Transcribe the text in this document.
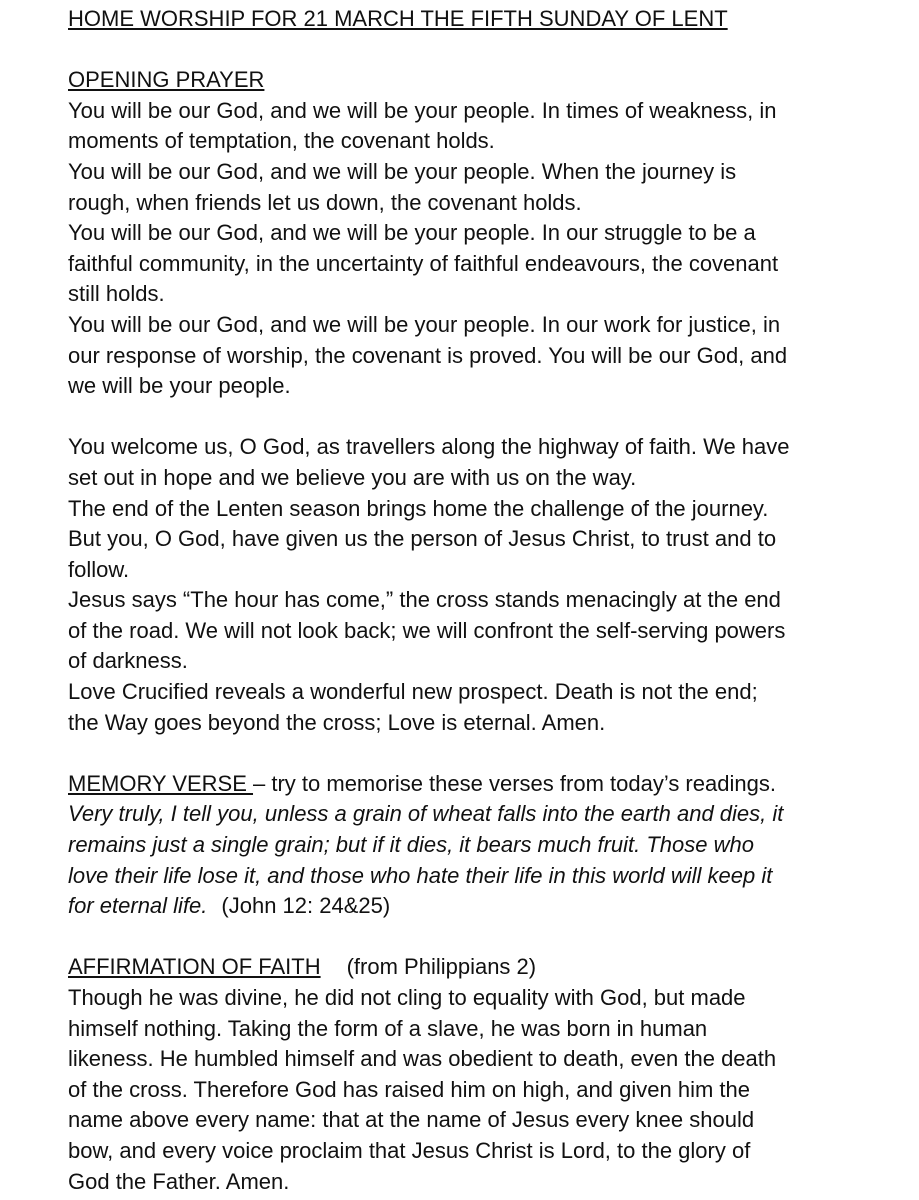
HOME WORSHIP FOR 21 MARCH THE FIFTH SUNDAY OF LENT
OPENING PRAYER
You will be our God, and we will be your people. In times of weakness, in
moments of temptation, the covenant holds.
You will be our God, and we will be your people. When the journey is
rough, when friends let us down, the covenant holds.
You will be our God, and we will be your people. In our struggle to be a
faithful community, in the uncertainty of faithful endeavours, the covenant
still holds.
You will be our God, and we will be your people. In our work for justice, in
our response of worship, the covenant is proved. You will be our God, and
we will be your people.
You welcome us, O God, as travellers along the highway of faith. We have
set out in hope and we believe you are with us on the way.
The end of the Lenten season brings home the challenge of the journey.
But you, O God, have given us the person of Jesus Christ, to trust and to
follow.
Jesus says “The hour has come,” the cross stands menacingly at the end
of the road. We will not look back; we will confront the self-serving powers
of darkness.
Love Crucified reveals a wonderful new prospect. Death is not the end;
the Way goes beyond the cross; Love is eternal. Amen.
MEMORY VERSE – try to memorise these verses from today’s readings.
Very truly, I tell you, unless a grain of wheat falls into the earth and dies, it
remains just a single grain; but if it dies, it bears much fruit. Those who
love their life lose it, and those who hate their life in this world will keep it
for eternal life. (John 12: 24&25)
AFFIRMATION OF FAITH (from Philippians 2)
Though he was divine, he did not cling to equality with God, but made
himself nothing. Taking the form of a slave, he was born in human
likeness. He humbled himself and was obedient to death, even the death
of the cross. Therefore God has raised him on high, and given him the
name above every name: that at the name of Jesus every knee should
bow, and every voice proclaim that Jesus Christ is Lord, to the glory of
God the Father. Amen.
